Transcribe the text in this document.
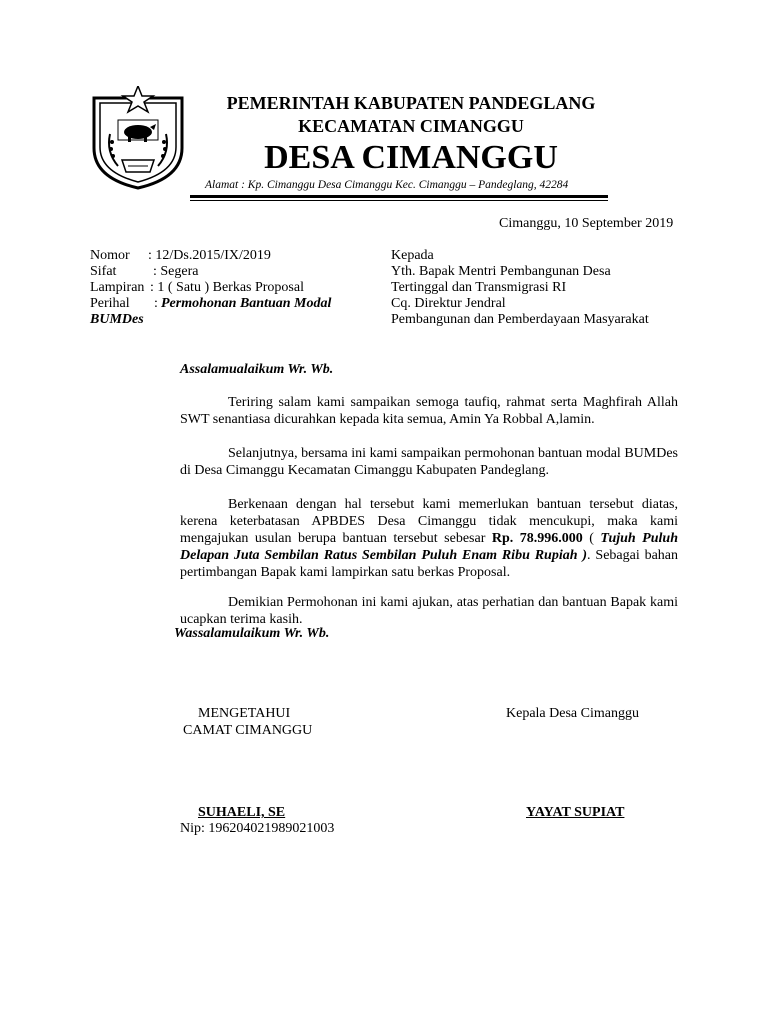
PEMERINTAH KABUPATEN PANDEGLANG
KECAMATAN CIMANGGU
DESA CIMANGGU
Alamat : Kp. Cimanggu Desa Cimanggu Kec. Cimanggu – Pandeglang, 42284
Cimanggu, 10 September 2019
Nomor : 12/Ds.2015/IX/2019
Sifat	: Segera
Lampiran : 1 ( Satu ) Berkas Proposal
Perihal : Permohonan Bantuan Modal
BUMDes
Kepada
Yth. Bapak Mentri Pembangunan Desa
Tertinggal dan Transmigrasi RI
Cq. Direktur Jendral
Pembangunan dan Pemberdayaan Masyarakat
Assalamualaikum Wr. Wb.
Teriring salam kami sampaikan semoga taufiq, rahmat serta Maghfirah Allah SWT senantiasa dicurahkan kepada kita semua, Amin Ya Robbal A,lamin.
Selanjutnya, bersama ini kami sampaikan permohonan bantuan modal BUMDes di Desa Cimanggu Kecamatan Cimanggu Kabupaten Pandeglang.
Berkenaan dengan hal tersebut kami memerlukan bantuan tersebut diatas, kerena keterbatasan APBDES Desa Cimanggu tidak mencukupi, maka kami mengajukan usulan berupa bantuan tersebut sebesar Rp. 78.996.000 ( Tujuh Puluh Delapan Juta Sembilan Ratus Sembilan Puluh Enam Ribu Rupiah ). Sebagai bahan pertimbangan Bapak kami lampirkan satu berkas Proposal.
Demikian Permohonan ini kami ajukan, atas perhatian dan bantuan Bapak kami ucapkan terima kasih.
Wassalamulaikum Wr. Wb.
MENGETAHUI
CAMAT CIMANGGU
SUHAELI, SE
Nip: 196204021989021003
Kepala Desa Cimanggu
YAYAT SUPIAT
